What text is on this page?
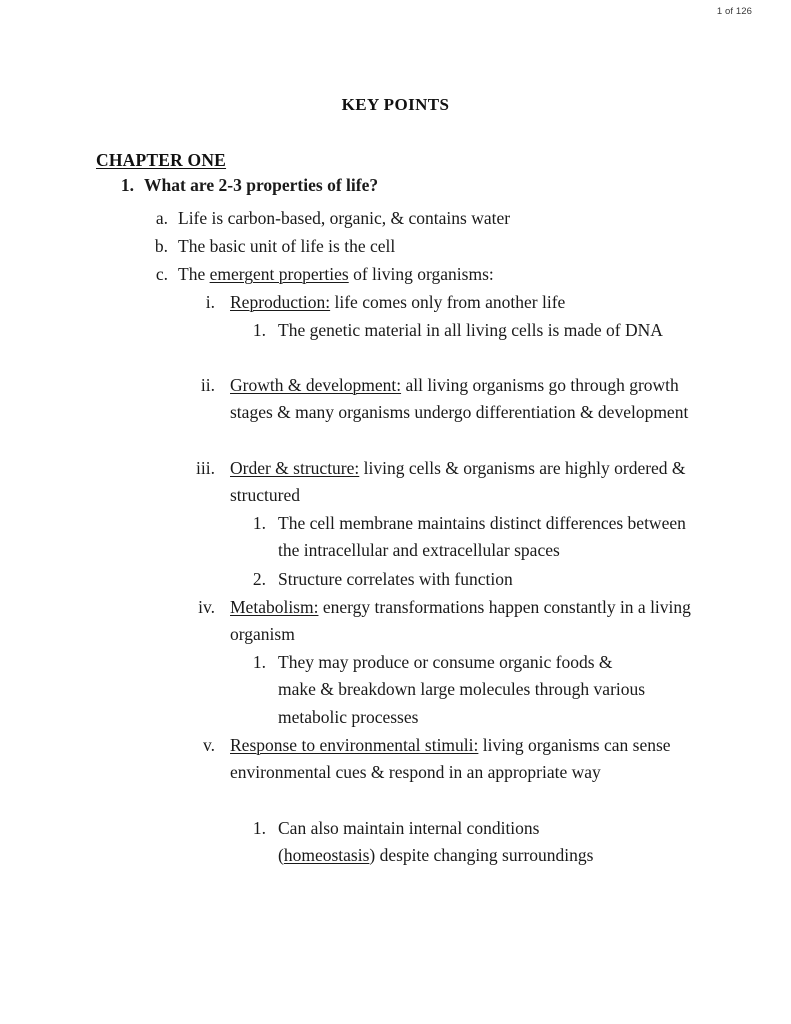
1 of 126
KEY POINTS
CHAPTER ONE
1. What are 2-3 properties of life?
a. Life is carbon-based, organic, & contains water
b. The basic unit of life is the cell
c. The emergent properties of living organisms:
i. Reproduction: life comes only from another life
1. The genetic material in all living cells is made of DNA
ii. Growth & development: all living organisms go through growth stages & many organisms undergo differentiation & development
iii. Order & structure: living cells & organisms are highly ordered & structured
1. The cell membrane maintains distinct differences between the intracellular and extracellular spaces
2. Structure correlates with function
iv. Metabolism: energy transformations happen constantly in a living organism
1. They may produce or consume organic foods & make & breakdown large molecules through various metabolic processes
v. Response to environmental stimuli: living organisms can sense environmental cues & respond in an appropriate way
1. Can also maintain internal conditions (homeostasis) despite changing surroundings
